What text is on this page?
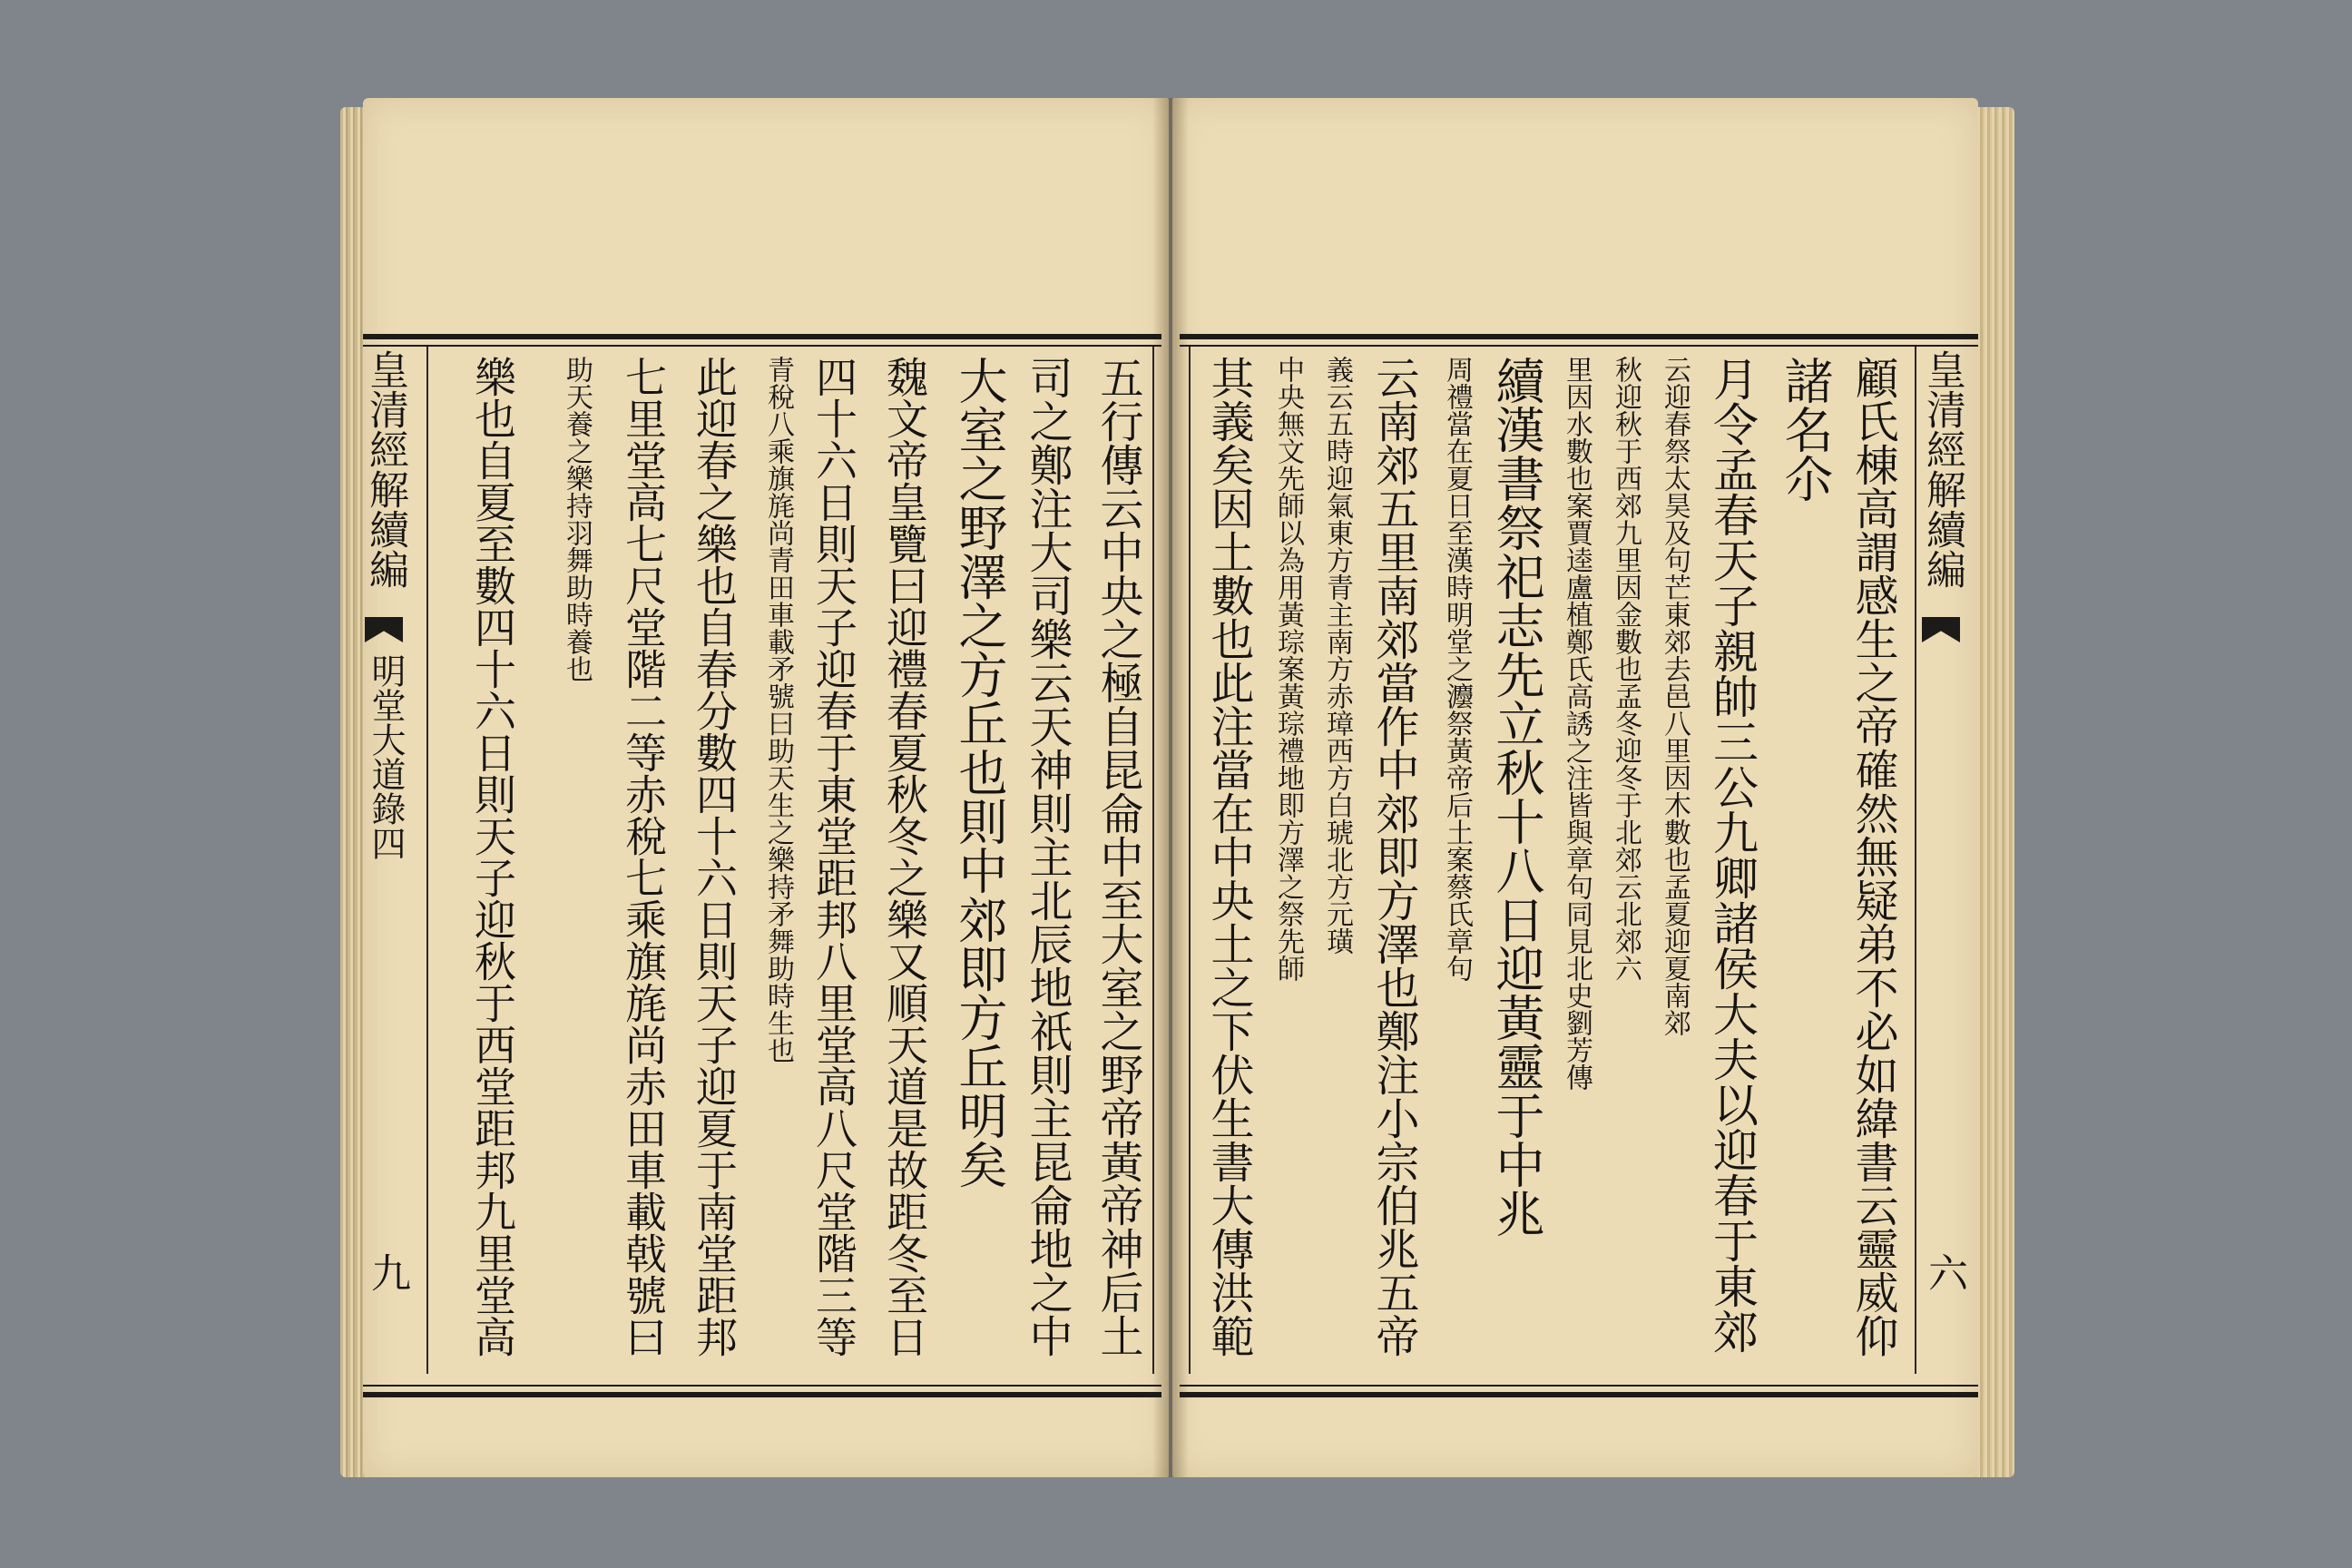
皇清經解續編
明堂大道錄四
九
皇清經解續編
六
五行傳云中央之極自昆侖中至大室之野帝黃帝神后土
司之鄭注大司樂云天神則主北辰地祇則主昆侖地之中
大室之野澤之方丘也則中郊即方丘明矣
魏文帝皇覽曰迎禮春夏秋冬之樂又順天道是故距冬至日
四十六日則天子迎春于東堂距邦八里堂高八尺堂階三等
青稅八乘旗旄尚青田車載矛號曰助天生之樂持矛舞助時生也
此迎春之樂也自春分數四十六日則天子迎夏于南堂距邦
七里堂高七尺堂階二等赤稅七乘旗旄尚赤田車載戟號曰
助天養之樂持羽舞助時養也
樂也自夏至數四十六日則天子迎秋于西堂距邦九里堂高	顧氏棟高謂感生之帝確然無疑弟不必如緯書云靈威仰
諸名尒
月令孟春天子親帥三公九卿諸侯大夫以迎春于東郊
云迎春祭太昊及句芒東郊去邑八里因木數也孟夏迎夏南郊
秋迎秋于西郊九里因金數也孟冬迎冬于北郊云北郊六
里因水數也案賈逵盧植鄭氏高誘之注皆與章句同見北史劉芳傳
續漢書祭祀志先立秋十八日迎黃靈于中兆
周禮當在夏日至漢時明堂之灋祭黃帝后土案蔡氏章句
云南郊五里南郊當作中郊即方澤也鄭注小宗伯兆五帝
義云五時迎氣東方青主南方赤璋西方白琥北方元璜
中央無文先師以為用黃琮案黃琮禮地即方澤之祭先師
其義矣因土數也此注當在中央土之下伏生書大傳洪範
